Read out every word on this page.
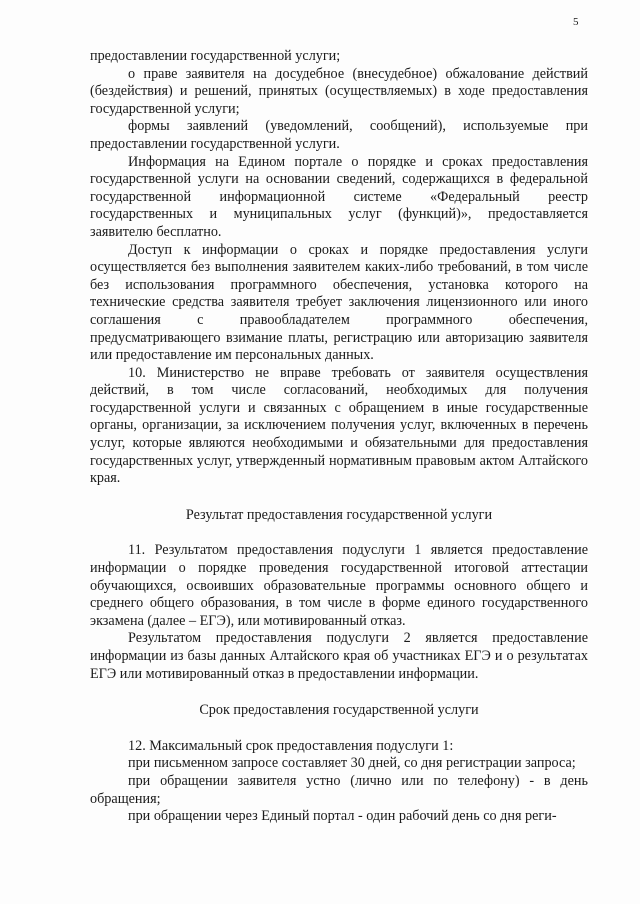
5

предоставлении государственной услуги;

о праве заявителя на досудебное (внесудебное) обжалование действий (бездействия) и решений, принятых (осуществляемых) в ходе предоставления государственной услуги;

формы заявлений (уведомлений, сообщений), используемые при предоставлении государственной услуги.

Информация на Едином портале о порядке и сроках предоставления государственной услуги на основании сведений, содержащихся в федеральной государственной информационной системе «Федеральный реестр государственных и муниципальных услуг (функций)», предоставляется заявителю бесплатно.

Доступ к информации о сроках и порядке предоставления услуги осуществляется без выполнения заявителем каких-либо требований, в том числе без использования программного обеспечения, установка которого на технические средства заявителя требует заключения лицензионного или иного соглашения с правообладателем программного обеспечения, предусматривающего взимание платы, регистрацию или авторизацию заявителя или предоставление им персональных данных.

10. Министерство не вправе требовать от заявителя осуществления действий, в том числе согласований, необходимых для получения государственной услуги и связанных с обращением в иные государственные органы, организации, за исключением получения услуг, включенных в перечень услуг, которые являются необходимыми и обязательными для предоставления государственных услуг, утвержденный нормативным правовым актом Алтайского края.

Результат предоставления государственной услуги

11. Результатом предоставления подуслуги 1 является предоставление информации о порядке проведения государственной итоговой аттестации обучающихся, освоивших образовательные программы основного общего и среднего общего образования, в том числе в форме единого государственного экзамена (далее – ЕГЭ), или мотивированный отказ.

Результатом предоставления подуслуги 2 является предоставление информации из базы данных Алтайского края об участниках ЕГЭ и о результатах ЕГЭ или мотивированный отказ в предоставлении информации.

Срок предоставления государственной услуги

12. Максимальный срок предоставления подуслуги 1:

при письменном запросе составляет 30 дней, со дня регистрации запроса;

при обращении заявителя устно (лично или по телефону) - в день обращения;

при обращении через Единый портал - один рабочий день со дня реги-
